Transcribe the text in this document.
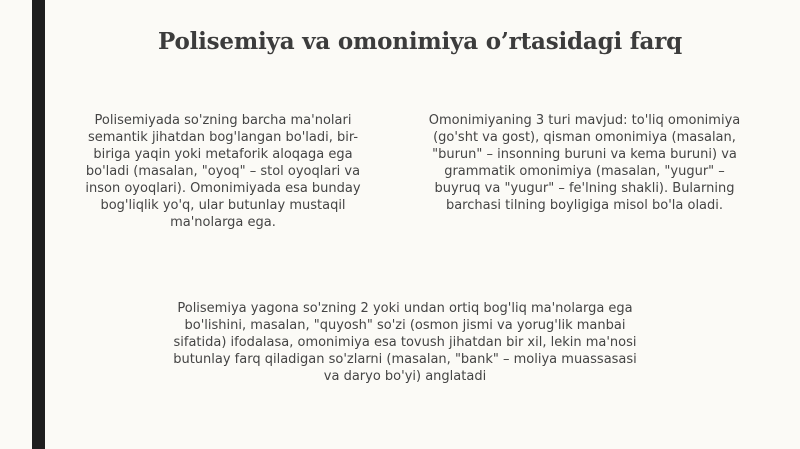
Polisemiya va omonimiya o’rtasidagi farq

Polisemiyada so'zning barcha ma'nolari
semantik jihatdan bog'langan bo'ladi, bir-
biriga yaqin yoki metaforik aloqaga ega
bo'ladi (masalan, "oyoq" – stol oyoqlari va
inson oyoqlari). Omonimiyada esa bunday
bog'liqlik yo'q, ular butunlay mustaqil
ma'nolarga ega.

Omonimiyaning 3 turi mavjud: to'liq omonimiya
(go'sht va gost), qisman omonimiya (masalan,
"burun" – insonning buruni va kema buruni) va
grammatik omonimiya (masalan, "yugur" –
buyruq va "yugur" – fe'lning shakli). Bularning
barchasi tilning boyligiga misol bo'la oladi.

Polisemiya yagona so'zning 2 yoki undan ortiq bog'liq ma'nolarga ega
bo'lishini, masalan, "quyosh" so'zi (osmon jismi va yorug'lik manbai
sifatida) ifodalasa, omonimiya esa tovush jihatdan bir xil, lekin ma'nosi
butunlay farq qiladigan so'zlarni (masalan, "bank" – moliya muassasasi
va daryo bo'yi) anglatadi
